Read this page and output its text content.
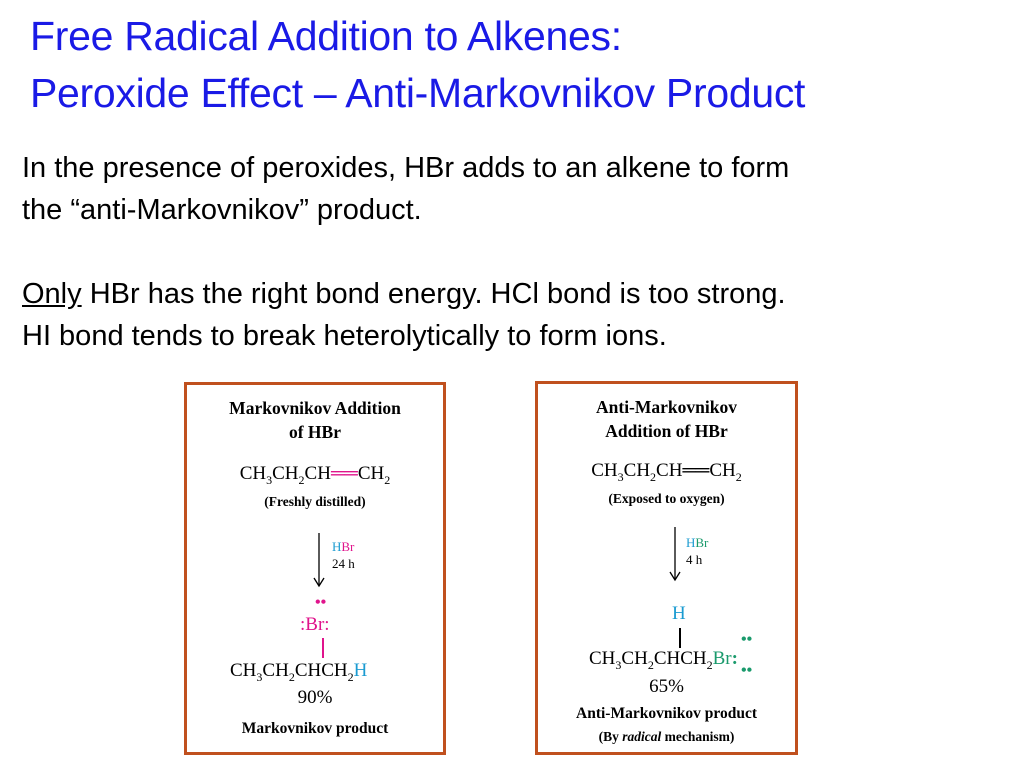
Free Radical Addition to Alkenes:
Peroxide Effect – Anti-Markovnikov Product

In the presence of peroxides, HBr adds to an alkene to form

the “anti-Markovnikov” product.

Only HBr has the right bond energy. HCl bond is too strong.

HI bond tends to break heterolytically to form ions.

Markovnikov Addition
of HBr
$CH_3CH_2CH══CH_2$
(Freshly distilled)
HBr
24 h
••
:Br:
$CH_3CH_2CHCH_2H$
90%
Markovnikov product
Anti-Markovnikov
Addition of HBr
$CH_3CH_2CH══CH_2$
(Exposed to oxygen)
HBr
4 h
H
••
$CH_3CH_2CHCH_2Br$:
••
65%
Anti-Markovnikov product
(By radical mechanism)
